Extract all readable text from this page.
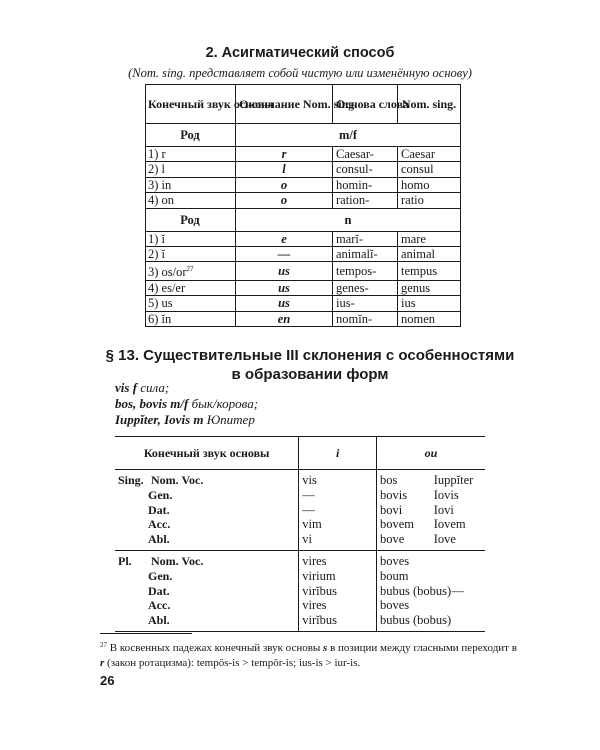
2. Асигматический способ
(Nom. sing. представляет собой чистую или изменённую основу)
Конечный звук основы	Окончание Nom. sing.	Основа слова	Nom. sing.
Род	m/f		
1) r	r	Caesar-	Caesar
2) l	l	consul-	consul
3) in	o	homin-	homo
4) on	o	ration-	ratio
Род	n		
1) ĭ	e	marĭ-	mare
2) ĭ	—	animalĭ-	animal
3) $os/or^{27}$	us	tempos-	tempus
4) es/er	us	genes-	genus
5) us	us	ius-	ius
6) ĭn	en	nomĭn-	nomen
§ 13. Существительные III склонения с особенностями в образовании форм
vis f сила;
bos, bovis m/f бык/корова;
Iuppĭter, Iovis m Юпитер
Конечный звук основы	i	ou	
Sing. Nom. Voc.	vis	bos	Iuppĭter
Gen.	—	bovis	Iovis
Dat.	—	bovi	Iovi
Acc.	vim	bovem	Iovem
Abl.	vi	bove	Iove
Pl. Nom. Voc.	vires	boves	
Gen.	virium	boum	
Dat.	virĭbus	bubus (bobus)	—
Acc.	vires	boves	
Abl.	virĭbus	bubus (bobus)	
$^{27}$ В косвенных падежах конечный звук основы s в позиции между гласными переходит в r (закон ротацизма): tempŏs-is > tempŏr-is; ius-is > iur-is.
26
